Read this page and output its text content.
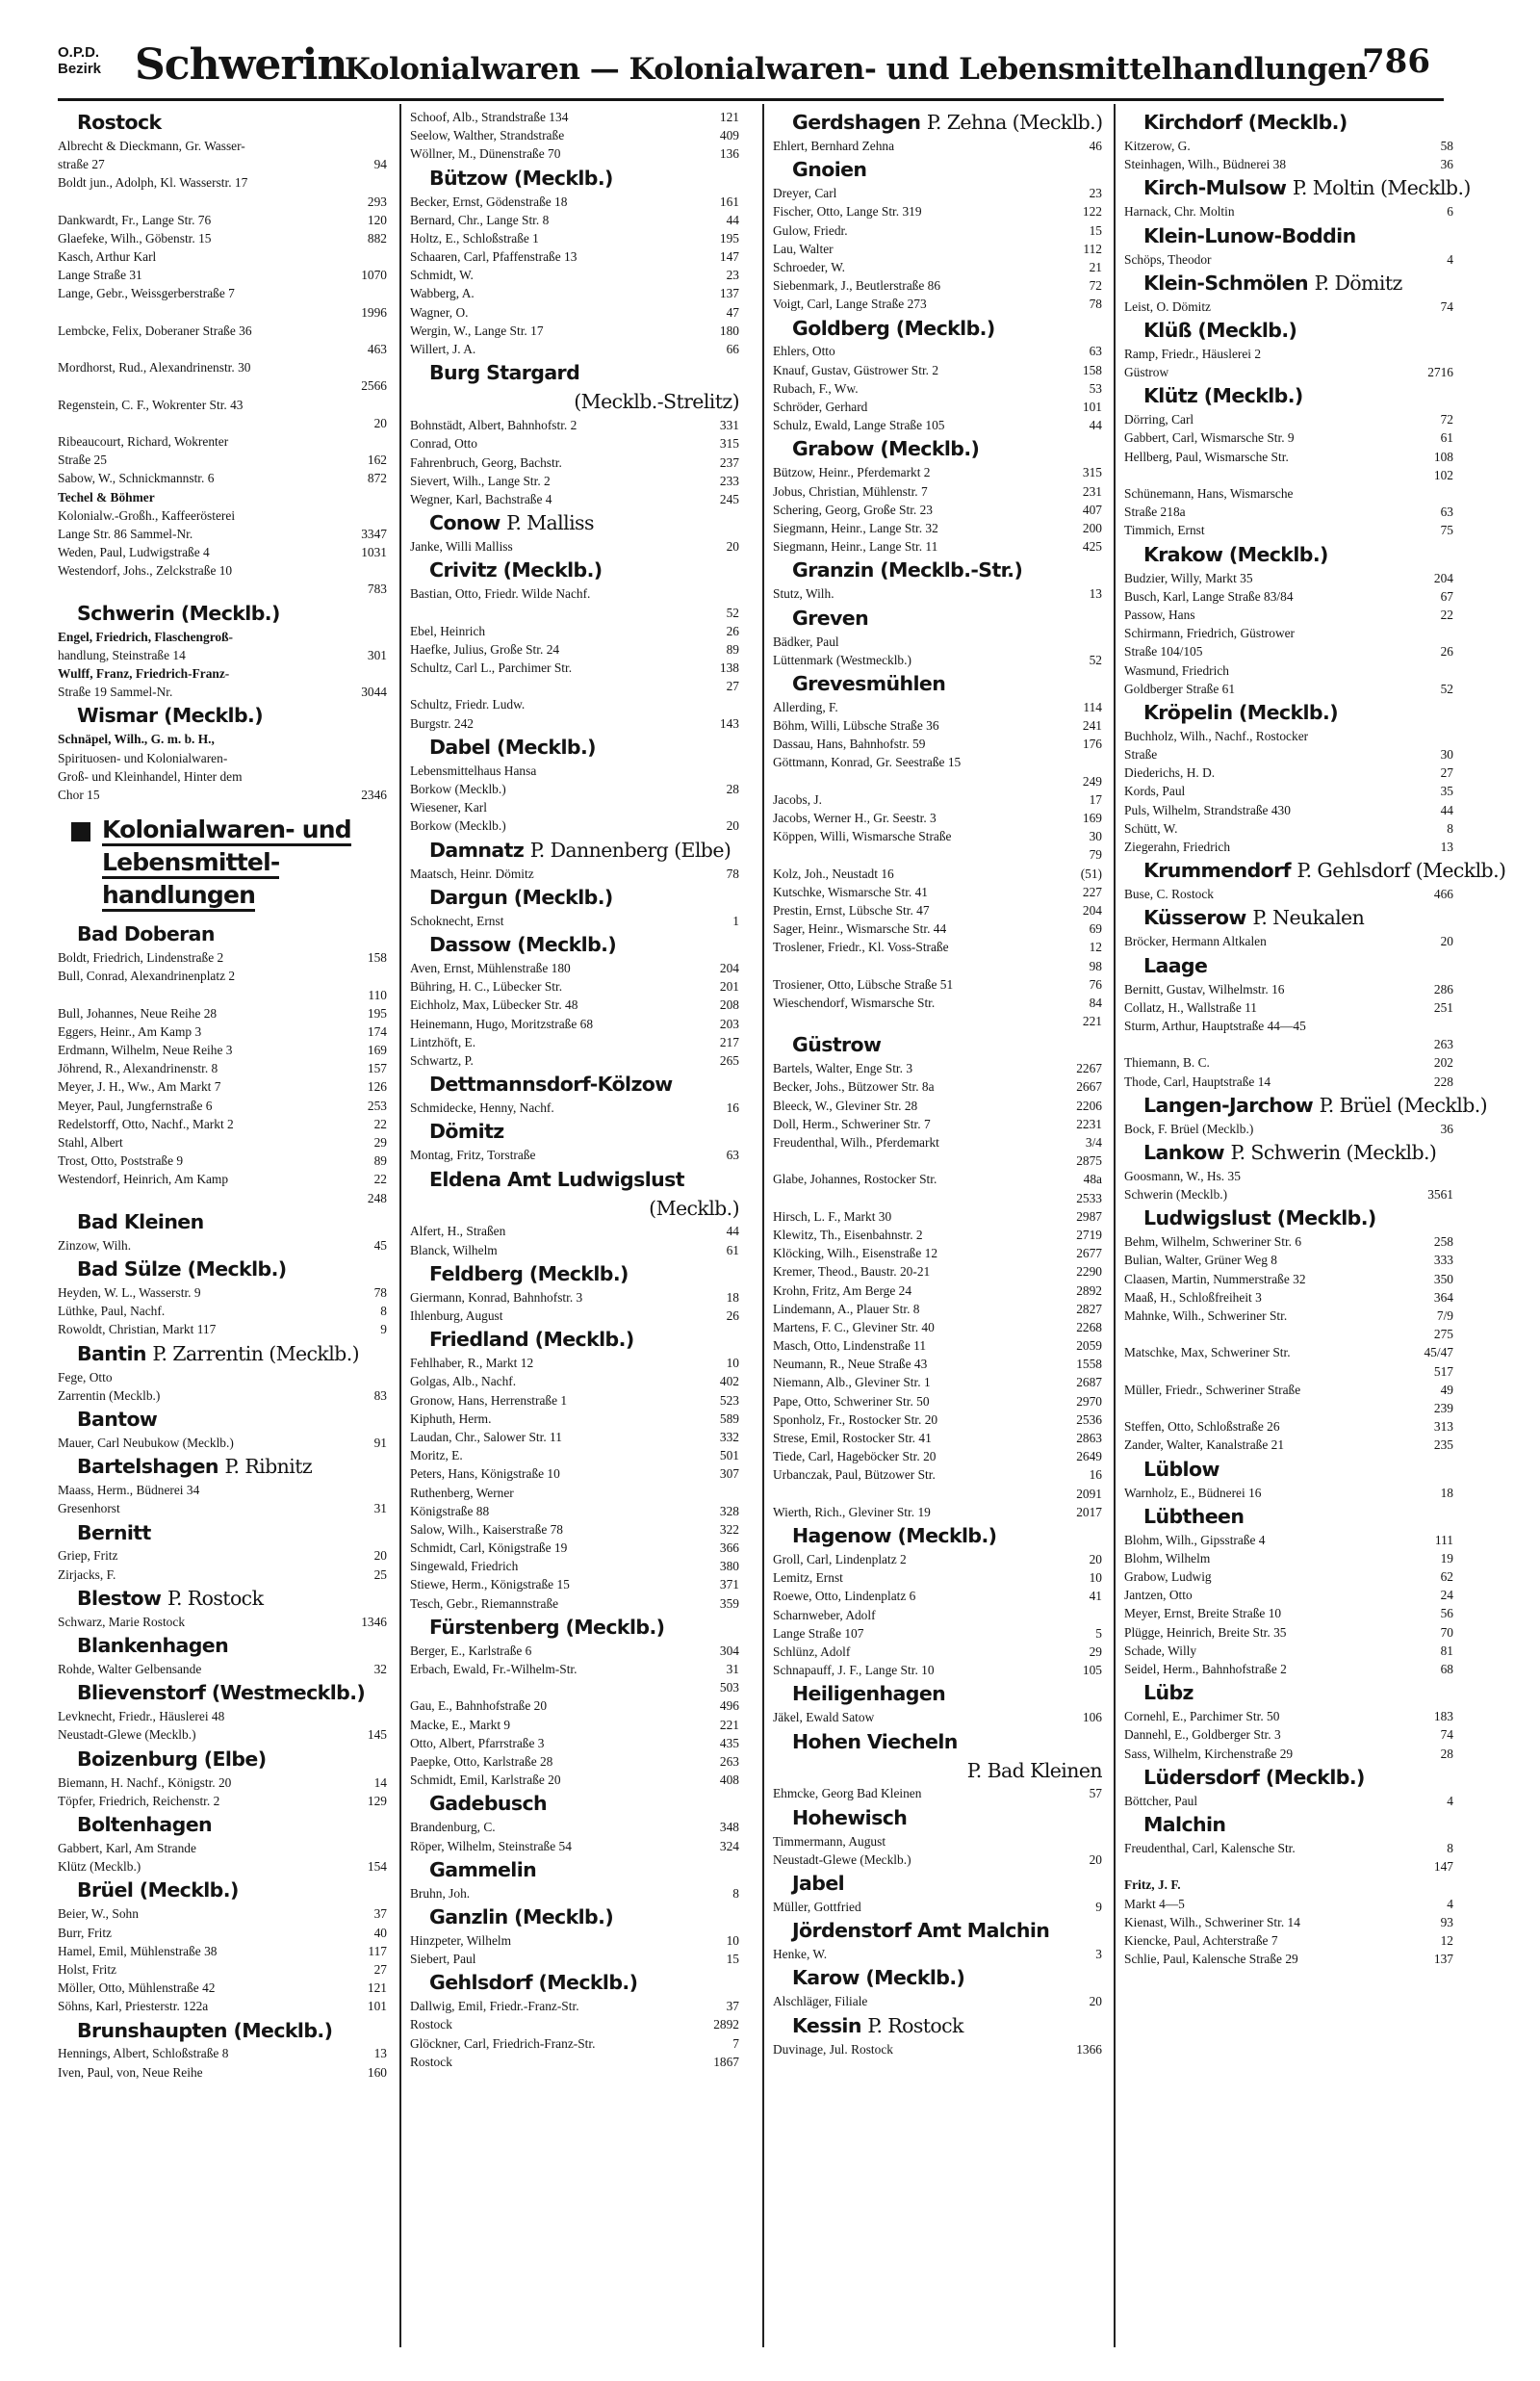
O.P.D.
Bezirk Schwerin
Kolonialwaren — Kolonialwaren- und Lebensmittelhandlungen
786
Rostock
Albrecht & Dieckmann, Gr. Wasser-
straße 27	94
Boldt jun., Adolph, Kl. Wasserstr. 17
293
Dankwardt, Fr., Lange Str. 76	120
Glaefeke, Wilh., Göbenstr. 15	882
Kasch, Arthur Karl
Lange Straße 31	1070
Lange, Gebr., Weissgerberstraße 7
1996
Lembcke, Felix, Doberaner Straße 36
463
Mordhorst, Rud., Alexandrinenstr. 30
2566
Regenstein, C. F., Wokrenter Str. 43
20
Ribeaucourt, Richard, Wokrenter
Straße 25	162
Sabow, W., Schnickmannstr. 6	872
Techel & Böhmer
Kolonialw.-Großh., Kaffeerösterei
Lange Str. 86 Sammel-Nr.	3347
Weden, Paul, Ludwigstraße 4	1031
Westendorf, Johs., Zelckstraße 10
783
Schwerin (Mecklb.)
Engel, Friedrich, Flaschengroß-
handlung, Steinstraße 14	301
Wulff, Franz, Friedrich-Franz-
Straße 19 Sammel-Nr.	3044
Wismar (Mecklb.)
Schnäpel, Wilh., G. m. b. H.,
Spirituosen- und Kolonialwaren-
Groß- und Kleinhandel, Hinter dem
Chor 15	2346
Kolonialwaren- und
Lebensmittel-
handlungen
Bad Doberan
Boldt, Friedrich, Lindenstraße 2	158
Bull, Conrad, Alexandrinenplatz 2
110
Bull, Johannes, Neue Reihe 28	195
Eggers, Heinr., Am Kamp 3	174
Erdmann, Wilhelm, Neue Reihe 3	169
Jöhrend, R., Alexandrinenstr. 8	157
Meyer, J. H., Ww., Am Markt 7	126
Meyer, Paul, Jungfernstraße 6	253
Redelstorff, Otto, Nachf., Markt 2	22
Stahl, Albert	29
Trost, Otto, Poststraße 9	89
Westendorf, Heinrich, Am Kamp	22
248
Bad Kleinen
Zinzow, Wilh.	45
Bad Sülze (Mecklb.)
Heyden, W. L., Wasserstr. 9	78
Lüthke, Paul, Nachf.	8
Rowoldt, Christian, Markt 117	9
Bantin P. Zarrentin (Mecklb.)
Fege, Otto
Zarrentin (Mecklb.)	83
Bantow
Mauer, Carl Neubukow (Mecklb.)	91
Bartelshagen P. Ribnitz
Maass, Herm., Büdnerei 34
Gresenhorst	31
Bernitt
Griep, Fritz	20
Zirjacks, F.	25
Blestow P. Rostock
Schwarz, Marie Rostock	1346
Blankenhagen
Rohde, Walter Gelbensande	32
Blievenstorf (Westmecklb.)
Levknecht, Friedr., Häuslerei 48
Neustadt-Glewe (Mecklb.)	145
Boizenburg (Elbe)
Biemann, H. Nachf., Königstr. 20	14
Töpfer, Friedrich, Reichenstr. 2	129
Boltenhagen
Gabbert, Karl, Am Strande
Klütz (Mecklb.)	154
Brüel (Mecklb.)
Beier, W., Sohn	37
Burr, Fritz	40
Hamel, Emil, Mühlenstraße 38	117
Holst, Fritz	27
Möller, Otto, Mühlenstraße 42	121
Söhns, Karl, Priesterstr. 122a	101
Brunshaupten (Mecklb.)
Hennings, Albert, Schloßstraße 8	13
Iven, Paul, von, Neue Reihe	160
Schoof, Alb., Strandstraße 134	121
Seelow, Walther, Strandstraße	409
Wöllner, M., Dünenstraße 70	136
Bützow (Mecklb.)
Becker, Ernst, Gödenstraße 18	161
Bernard, Chr., Lange Str. 8	44
Holtz, E., Schloßstraße 1	195
Schaaren, Carl, Pfaffenstraße 13	147
Schmidt, W.	23
Wabberg, A.	137
Wagner, O.	47
Wergin, W., Lange Str. 17	180
Willert, J. A.	66
Burg Stargard
(Mecklb.-Strelitz)
Bohnstädt, Albert, Bahnhofstr. 2	331
Conrad, Otto	315
Fahrenbruch, Georg, Bachstr.	237
Sievert, Wilh., Lange Str. 2	233
Wegner, Karl, Bachstraße 4	245
Conow P. Malliss
Janke, Willi Malliss	20
Crivitz (Mecklb.)
Bastian, Otto, Friedr. Wilde Nachf.
52
Ebel, Heinrich	26
Haefke, Julius, Große Str. 24	89
Schultz, Carl L., Parchimer Str.	138
27
Schultz, Friedr. Ludw.
Burgstr. 242	143
Dabel (Mecklb.)
Lebensmittelhaus Hansa
Borkow (Mecklb.)	28
Wiesener, Karl
Borkow (Mecklb.)	20
Damnatz P. Dannenberg (Elbe)
Maatsch, Heinr. Dömitz	78
Dargun (Mecklb.)
Schoknecht, Ernst	1
Dassow (Mecklb.)
Aven, Ernst, Mühlenstraße 180	204
Bühring, H. C., Lübecker Str.	201
Eichholz, Max, Lübecker Str. 48	208
Heinemann, Hugo, Moritzstraße 68	203
Lintzhöft, E.	217
Schwartz, P.	265
Dettmannsdorf-Kölzow
Schmidecke, Henny, Nachf.	16
Dömitz
Montag, Fritz, Torstraße	63
Eldena Amt Ludwigslust
(Mecklb.)
Alfert, H., Straßen	44
Blanck, Wilhelm	61
Feldberg (Mecklb.)
Giermann, Konrad, Bahnhofstr. 3	18
Ihlenburg, August	26
Friedland (Mecklb.)
Fehlhaber, R., Markt 12	10
Golgas, Alb., Nachf.	402
Gronow, Hans, Herrenstraße 1	523
Kiphuth, Herm.	589
Laudan, Chr., Salower Str. 11	332
Moritz, E.	501
Peters, Hans, Königstraße 10	307
Ruthenberg, Werner
Königstraße 88	328
Salow, Wilh., Kaiserstraße 78	322
Schmidt, Carl, Königstraße 19	366
Singewald, Friedrich	380
Stiewe, Herm., Königstraße 15	371
Tesch, Gebr., Riemannstraße	359
Fürstenberg (Mecklb.)
Berger, E., Karlstraße 6	304
Erbach, Ewald, Fr.-Wilhelm-Str.	31
503
Gau, E., Bahnhofstraße 20	496
Macke, E., Markt 9	221
Otto, Albert, Pfarrstraße 3	435
Paepke, Otto, Karlstraße 28	263
Schmidt, Emil, Karlstraße 20	408
Gadebusch
Brandenburg, C.	348
Röper, Wilhelm, Steinstraße 54	324
Gammelin
Bruhn, Joh.	8
Ganzlin (Mecklb.)
Hinzpeter, Wilhelm	10
Siebert, Paul	15
Gehlsdorf (Mecklb.)
Dallwig, Emil, Friedr.-Franz-Str.	37
Rostock	2892
Glöckner, Carl, Friedrich-Franz-Str.	7
Rostock	1867
Gerdshagen P. Zehna (Mecklb.)
Ehlert, Bernhard Zehna	46
Gnoien
Dreyer, Carl	23
Fischer, Otto, Lange Str. 319	122
Gulow, Friedr.	15
Lau, Walter	112
Schroeder, W.	21
Siebenmark, J., Beutlerstraße 86	72
Voigt, Carl, Lange Straße 273	78
Goldberg (Mecklb.)
Ehlers, Otto	63
Knauf, Gustav, Güstrower Str. 2	158
Rubach, F., Ww.	53
Schröder, Gerhard	101
Schulz, Ewald, Lange Straße 105	44
Grabow (Mecklb.)
Bützow, Heinr., Pferdemarkt 2	315
Jobus, Christian, Mühlenstr. 7	231
Schering, Georg, Große Str. 23	407
Siegmann, Heinr., Lange Str. 32	200
Siegmann, Heinr., Lange Str. 11	425
Granzin (Mecklb.-Str.)
Stutz, Wilh.	13
Greven
Bädker, Paul
Lüttenmark (Westmecklb.)	52
Grevesmühlen
Allerding, F.	114
Böhm, Willi, Lübsche Straße 36	241
Dassau, Hans, Bahnhofstr. 59	176
Göttmann, Konrad, Gr. Seestraße 15
249
Jacobs, J.	17
Jacobs, Werner H., Gr. Seestr. 3	169
Köppen, Willi, Wismarsche Straße	30
79
Kolz, Joh., Neustadt 16	(51)
Kutschke, Wismarsche Str. 41	227
Prestin, Ernst, Lübsche Str. 47	204
Sager, Heinr., Wismarsche Str. 44	69
Troslener, Friedr., Kl. Voss-Straße	12
98
Trosiener, Otto, Lübsche Straße 51	76
Wieschendorf, Wismarsche Str.	84
221
Güstrow
Bartels, Walter, Enge Str. 3	2267
Becker, Johs., Bützower Str. 8a	2667
Bleeck, W., Gleviner Str. 28	2206
Doll, Herm., Schweriner Str. 7	2231
Freudenthal, Wilh., Pferdemarkt	3/4
2875
Glabe, Johannes, Rostocker Str.	48a
2533
Hirsch, L. F., Markt 30	2987
Klewitz, Th., Eisenbahnstr. 2	2719
Klöcking, Wilh., Eisenstraße 12	2677
Kremer, Theod., Baustr. 20-21	2290
Krohn, Fritz, Am Berge 24	2892
Lindemann, A., Plauer Str. 8	2827
Martens, F. C., Gleviner Str. 40	2268
Masch, Otto, Lindenstraße 11	2059
Neumann, R., Neue Straße 43	1558
Niemann, Alb., Gleviner Str. 1	2687
Pape, Otto, Schweriner Str. 50	2970
Sponholz, Fr., Rostocker Str. 20	2536
Strese, Emil, Rostocker Str. 41	2863
Tiede, Carl, Hageböcker Str. 20	2649
Urbanczak, Paul, Bützower Str.	16
2091
Wierth, Rich., Gleviner Str. 19	2017
Hagenow (Mecklb.)
Groll, Carl, Lindenplatz 2	20
Lemitz, Ernst	10
Roewe, Otto, Lindenplatz 6	41
Scharnweber, Adolf
Lange Straße 107	5
Schlünz, Adolf	29
Schnapauff, J. F., Lange Str. 10	105
Heiligenhagen
Jäkel, Ewald Satow	106
Hohen Viecheln
P. Bad Kleinen
Ehmcke, Georg Bad Kleinen	57
Hohewisch
Timmermann, August
Neustadt-Glewe (Mecklb.)	20
Jabel
Müller, Gottfried	9
Jördenstorf Amt Malchin
Henke, W.	3
Karow (Mecklb.)
Alschläger, Filiale	20
Kessin P. Rostock
Duvinage, Jul. Rostock	1366
Kirchdorf (Mecklb.)
Kitzerow, G.	58
Steinhagen, Wilh., Büdnerei 38	36
Kirch-Mulsow P. Moltin (Mecklb.)
Harnack, Chr. Moltin	6
Klein-Lunow-Boddin
Schöps, Theodor	4
Klein-Schmölen P. Dömitz
Leist, O. Dömitz	74
Klüß (Mecklb.)
Ramp, Friedr., Häuslerei 2
Güstrow	2716
Klütz (Mecklb.)
Dörring, Carl	72
Gabbert, Carl, Wismarsche Str. 9	61
Hellberg, Paul, Wismarsche Str.	108
102
Schünemann, Hans, Wismarsche
Straße 218a	63
Timmich, Ernst	75
Krakow (Mecklb.)
Budzier, Willy, Markt 35	204
Busch, Karl, Lange Straße 83/84	67
Passow, Hans	22
Schirmann, Friedrich, Güstrower
Straße 104/105	26
Wasmund, Friedrich
Goldberger Straße 61	52
Kröpelin (Mecklb.)
Buchholz, Wilh., Nachf., Rostocker
Straße	30
Diederichs, H. D.	27
Kords, Paul	35
Puls, Wilhelm, Strandstraße 430	44
Schütt, W.	8
Ziegerahn, Friedrich	13
Krummendorf P. Gehlsdorf (Mecklb.)
Buse, C. Rostock	466
Küsserow P. Neukalen
Bröcker, Hermann Altkalen	20
Laage
Bernitt, Gustav, Wilhelmstr. 16	286
Collatz, H., Wallstraße 11	251
Sturm, Arthur, Hauptstraße 44—45
263
Thiemann, B. C.	202
Thode, Carl, Hauptstraße 14	228
Langen-Jarchow P. Brüel (Mecklb.)
Bock, F. Brüel (Mecklb.)	36
Lankow P. Schwerin (Mecklb.)
Goosmann, W., Hs. 35
Schwerin (Mecklb.)	3561
Ludwigslust (Mecklb.)
Behm, Wilhelm, Schweriner Str. 6	258
Bulian, Walter, Grüner Weg 8	333
Claasen, Martin, Nummerstraße 32	350
Maaß, H., Schloßfreiheit 3	364
Mahnke, Wilh., Schweriner Str.	7/9
275
Matschke, Max, Schweriner Str.	45/47
517
Müller, Friedr., Schweriner Straße	49
239
Steffen, Otto, Schloßstraße 26	313
Zander, Walter, Kanalstraße 21	235
Lüblow
Warnholz, E., Büdnerei 16	18
Lübtheen
Blohm, Wilh., Gipsstraße 4	111
Blohm, Wilhelm	19
Grabow, Ludwig	62
Jantzen, Otto	24
Meyer, Ernst, Breite Straße 10	56
Plügge, Heinrich, Breite Str. 35	70
Schade, Willy	81
Seidel, Herm., Bahnhofstraße 2	68
Lübz
Cornehl, E., Parchimer Str. 50	183
Dannehl, E., Goldberger Str. 3	74
Sass, Wilhelm, Kirchenstraße 29	28
Lüdersdorf (Mecklb.)
Böttcher, Paul	4
Malchin
Freudenthal, Carl, Kalensche Str.	8
147
Fritz, J. F.
Markt 4—5	4
Kienast, Wilh., Schweriner Str. 14	93
Kiencke, Paul, Achterstraße 7	12
Schlie, Paul, Kalensche Straße 29	137
